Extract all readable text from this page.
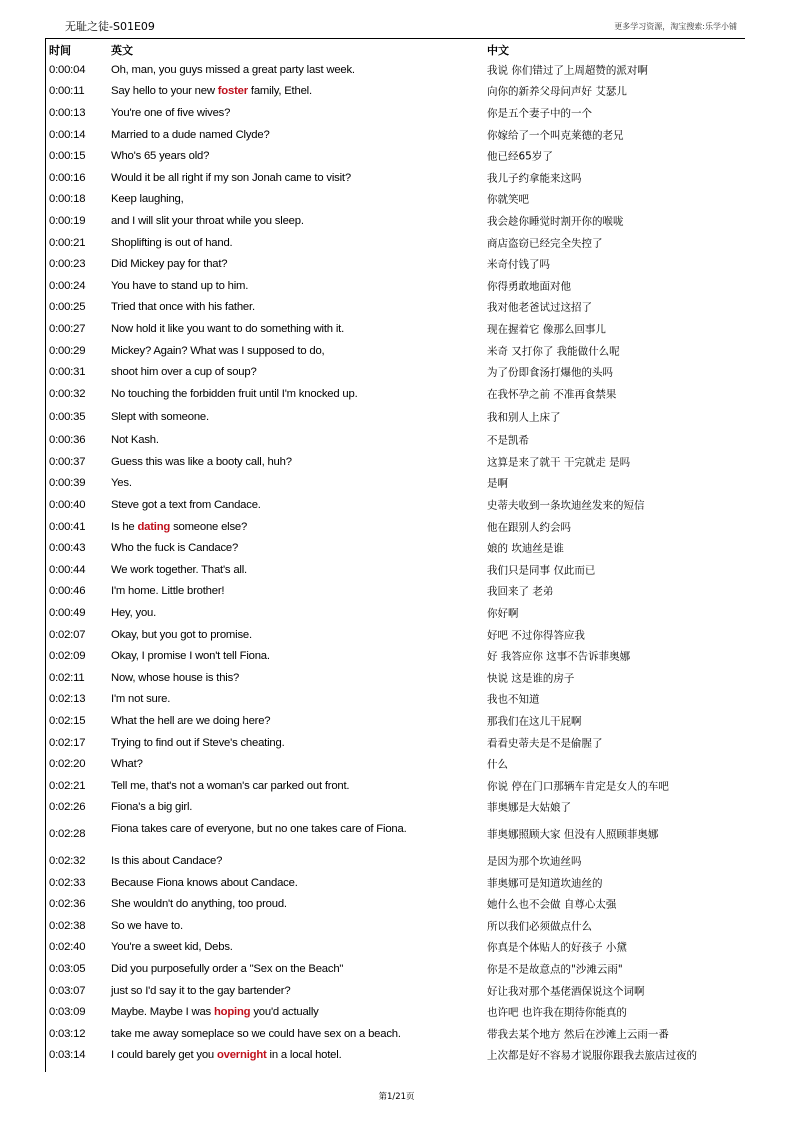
无耻之徒-S01E09	更多学习资源，淘宝搜索:乐学小铺
时间	英文	中文
0:00:04 Oh, man, you guys missed a great party last week.	我说 你们错过了上周超赞的派对啊
0:00:11 Say hello to your new foster family, Ethel.	向你的新养父母问声好 艾瑟儿
0:00:13 You're one of five wives?	你是五个妻子中的一个
0:00:14 Married to a dude named Clyde?	你嫁给了一个叫克莱德的老兄
0:00:15 Who's 65 years old?	他已经65岁了
0:00:16 Would it be all right if my son Jonah came to visit?	我儿子约拿能来这吗
0:00:18 Keep laughing,	你就笑吧
0:00:19 and I will slit your throat while you sleep.	我会趁你睡觉时割开你的喉咙
0:00:21 Shoplifting is out of hand.	商店盗窃已经完全失控了
0:00:23 Did Mickey pay for that?	米奇付钱了吗
0:00:24 You have to stand up to him.	你得勇敢地面对他
0:00:25 Tried that once with his father.	我对他老爸试过这招了
0:00:27 Now hold it like you want to do something with it.	现在握着它 像那么回事儿
0:00:29 Mickey? Again? What was I supposed to do,	米奇 又打你了 我能做什么呢
0:00:31 shoot him over a cup of soup?	为了份即食汤打爆他的头吗
0:00:32 No touching the forbidden fruit until I'm knocked up.	在我怀孕之前 不准再食禁果
0:00:35 Slept with someone.	我和别人上床了
0:00:36 Not Kash.	不是凯希
0:00:37 Guess this was like a booty call, huh?	这算是来了就干 干完就走 是吗
0:00:39 Yes.	是啊
0:00:40 Steve got a text from Candace.	史蒂夫收到一条坎迪丝发来的短信
0:00:41 Is he dating someone else?	他在跟别人约会吗
0:00:43 Who the fuck is Candace?	娘的 坎迪丝是谁
0:00:44 We work together. That's all.	我们只是同事 仅此而已
0:00:46 I'm home. Little brother!	我回来了 老弟
0:00:49 Hey, you.	你好啊
0:02:07 Okay, but you got to promise.	好吧 不过你得答应我
0:02:09 Okay, I promise I won't tell Fiona.	好 我答应你 这事不告诉菲奥娜
0:02:11 Now, whose house is this?	快说 这是谁的房子
0:02:13 I'm not sure.	我也不知道
0:02:15 What the hell are we doing here?	那我们在这儿干屁啊
0:02:17 Trying to find out if Steve's cheating.	看看史蒂夫是不是偷腥了
0:02:20 What?	什么
0:02:21 Tell me, that's not a woman's car parked out front.	你说 停在门口那辆车肯定是女人的车吧
0:02:26 Fiona's a big girl.	菲奥娜是大姑娘了
0:02:28 Fiona takes care of everyone, but no one takes care of Fiona.	菲奥娜照顾大家 但没有人照顾菲奥娜
0:02:32 Is this about Candace?	是因为那个坎迪丝吗
0:02:33 Because Fiona knows about Candace.	菲奥娜可是知道坎迪丝的
0:02:36 She wouldn't do anything, too proud.	她什么也不会做 自尊心太强
0:02:38 So we have to.	所以我们必须做点什么
0:02:40 You're a sweet kid, Debs.	你真是个体贴人的好孩子 小黛
0:03:05 Did you purposefully order a "Sex on the Beach"	你是不是故意点的"沙滩云雨"
0:03:07 just so I'd say it to the gay bartender?	好让我对那个基佬酒保说这个词啊
0:03:09 Maybe. Maybe I was hoping you'd actually	也许吧 也许我在期待你能真的
0:03:12 take me away someplace so we could have sex on a beach.	带我去某个地方 然后在沙滩上云雨一番
0:03:14 I could barely get you overnight in a local hotel.	上次都是好不容易才说服你跟我去旅店过夜的
第1/21页
